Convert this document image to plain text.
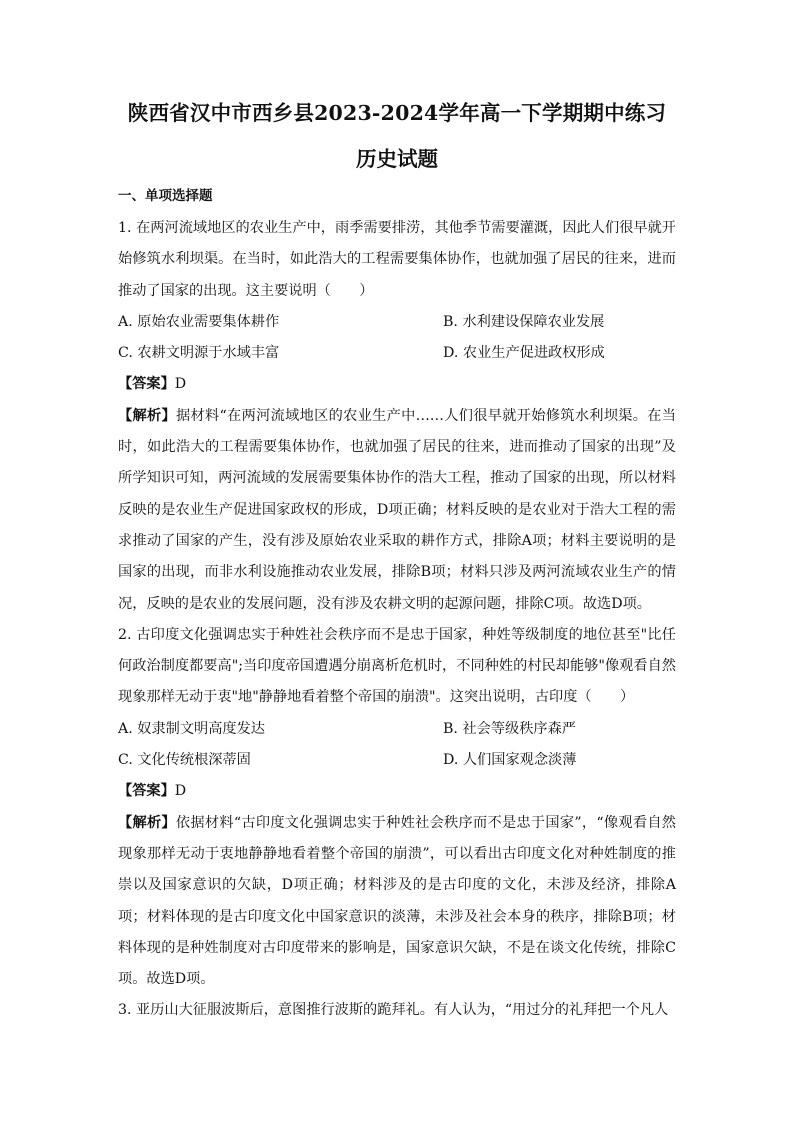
陕西省汉中市西乡县2023-2024学年高一下学期期中练习
历史试题
一、单项选择题

1. 在两河流域地区的农业生产中，雨季需要排涝，其他季节需要灌溉，因此人们很早就开始修筑水利坝渠。在当时，如此浩大的工程需要集体协作，也就加强了居民的往来，进而推动了国家的出现。这主要说明（　　）

A. 原始农业需要集体耕作	B. 水利建设保障农业发展
C. 农耕文明源于水域丰富	D. 农业生产促进政权形成

【答案】D

【解析】据材料“在两河流域地区的农业生产中……人们很早就开始修筑水利坝渠。在当时，如此浩大的工程需要集体协作，也就加强了居民的往来，进而推动了国家的出现”及所学知识可知，两河流域的发展需要集体协作的浩大工程，推动了国家的出现，所以材料反映的是农业生产促进国家政权的形成，D项正确；材料反映的是农业对于浩大工程的需求推动了国家的产生，没有涉及原始农业采取的耕作方式，排除A项；材料主要说明的是国家的出现，而非水利设施推动农业发展，排除B项；材料只涉及两河流域农业生产的情况，反映的是农业的发展问题，没有涉及农耕文明的起源问题，排除C项。故选D项。

2. 古印度文化强调忠实于种姓社会秩序而不是忠于国家，种姓等级制度的地位甚至"比任何政治制度都要高";当印度帝国遭遇分崩离析危机时，不同种姓的村民却能够"像观看自然现象那样无动于衷"地"静静地看着整个帝国的崩溃"。这突出说明，古印度（　　）

A. 奴隶制文明高度发达	B. 社会等级秩序森严
C. 文化传统根深蒂固	D. 人们国家观念淡薄

【答案】D

【解析】依据材料“古印度文化强调忠实于种姓社会秩序而不是忠于国家”，“像观看自然现象那样无动于衷地静静地看着整个帝国的崩溃”，可以看出古印度文化对种姓制度的推崇以及国家意识的欠缺，D项正确；材料涉及的是古印度的文化，未涉及经济，排除A项；材料体现的是古印度文化中国家意识的淡薄，未涉及社会本身的秩序，排除B项；材料体现的是种姓制度对古印度带来的影响是，国家意识欠缺，不是在谈文化传统，排除C项。故选D项。

3. 亚历山大征服波斯后，意图推行波斯的跪拜礼。有人认为，“用过分的礼拜把一个凡人
